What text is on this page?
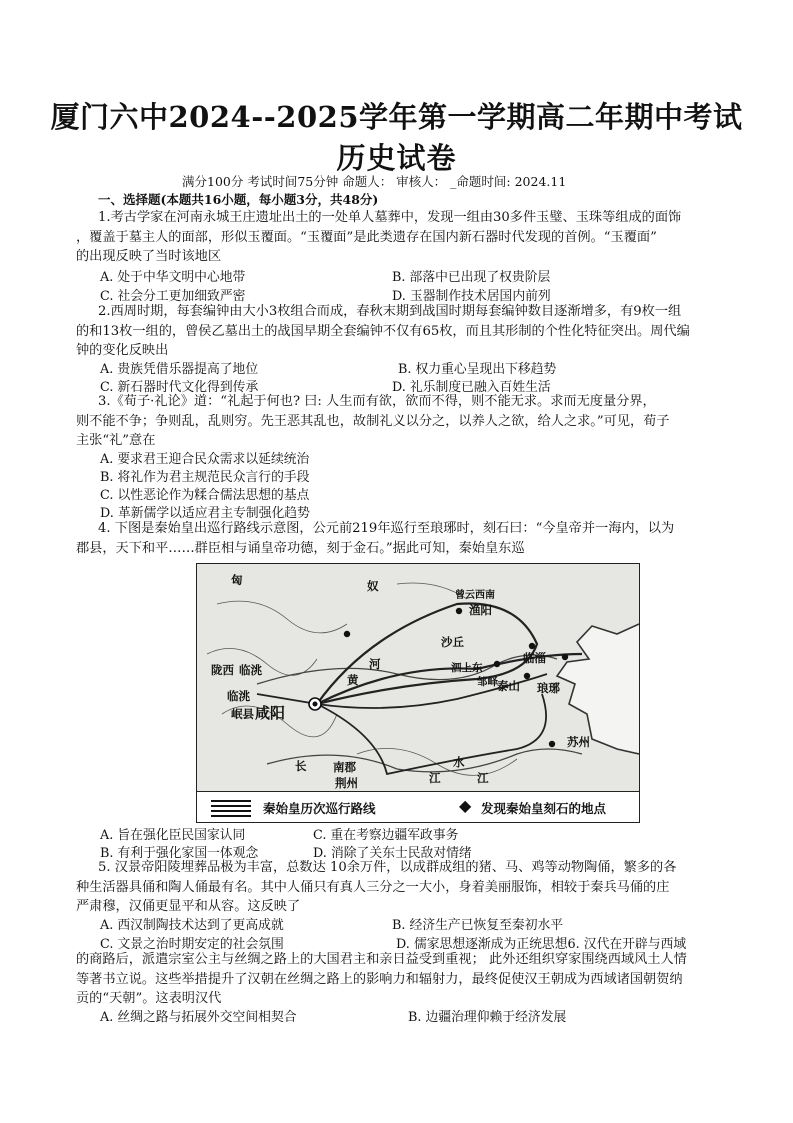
厦门六中2024--2025学年第一学期高二年期中考试
历史试卷
满分100分 考试时间75分钟 命题人： 审核人： _命题时间: 2024.11
一、选择题(本题共16小题，每小题3分，共48分)
1.考古学家在河南永城王庄遗址出土的一处单人墓葬中，发现一组由30多件玉璧、玉珠等组成的面饰
，覆盖于墓主人的面部，形似玉覆面。“玉覆面”是此类遗存在国内新石器时代发现的首例。“玉覆面”
的出现反映了当时该地区
A. 处于中华文明中心地带	B. 部落中已出现了权贵阶层
C. 社会分工更加细致严密	D. 玉器制作技术居国内前列
2.西周时期，每套编钟由大小3枚组合而成，春秋末期到战国时期每套编钟数目逐渐增多，有9枚一组
的和13枚一组的，曾侯乙墓出土的战国早期全套编钟不仅有65枚，而且其形制的个性化特征突出。周代编
钟的变化反映出
A. 贵族凭借乐器提高了地位	B. 权力重心呈现出下移趋势
C. 新石器时代文化得到传承	D. 礼乐制度已融入百姓生活
3.《荀子·礼论》道：“礼起于何也? 曰: 人生而有欲，欲而不得，则不能无求。求而无度量分界，
则不能不争；争则乱，乱则穷。先王恶其乱也，故制礼义以分之，以养人之欲，给人之求。”可见，荀子
主张“礼”意在
A. 要求君王迎合民众需求以延续统治
B. 将礼作为君主规范民众言行的手段
C. 以性恶论作为糅合儒法思想的基点
D. 革新儒学以适应君主专制强化趋势
4. 下图是秦始皇出巡行路线示意图，公元前219年巡行至琅琊时，刻石曰：“今皇帝并一海内，以为
郡县，天下和平……群臣相与诵皇帝功德，刻于金石。”据此可知，秦始皇东巡
匈	奴
曾云西南
渔阳
沙丘
临淄
泗上东
邹峄 泰山 琅琊
陇西 临洮
临洮
岷县 咸阳
长
江
南郡
荆州
水
江
苏州
黄
河
秦始皇历次巡行路线	◆ 发现秦始皇刻石的地点
A. 旨在强化臣民国家认同	C. 重在考察边疆军政事务
B. 有利于强化家国一体观念	D. 消除了关东士民敌对情绪
5. 汉景帝阳陵埋葬品极为丰富，总数达 10余万件，以成群成组的猪、马、鸡等动物陶俑，繁多的各
种生活器具俑和陶人俑最有名。其中人俑只有真人三分之一大小，身着美丽服饰，相较于秦兵马俑的庄
严肃穆，汉俑更显平和从容。这反映了
A. 西汉制陶技术达到了更高成就	B. 经济生产已恢复至秦初水平
C. 文景之治时期安定的社会氛围	D. 儒家思想逐渐成为正统思想6. 汉代在开辟与西域
的商路后，派遣宗室公主与丝绸之路上的大国君主和亲日益受到重视； 此外还组织穿家围绕西域风土人情
等著书立说。这些举措提升了汉朝在丝绸之路上的影响力和辐射力，最终促使汉王朝成为西域诸国朝贺纳
贡的“天朝”。这表明汉代
A. 丝绸之路与拓展外交空间相契合	B. 边疆治理仰赖于经济发展
